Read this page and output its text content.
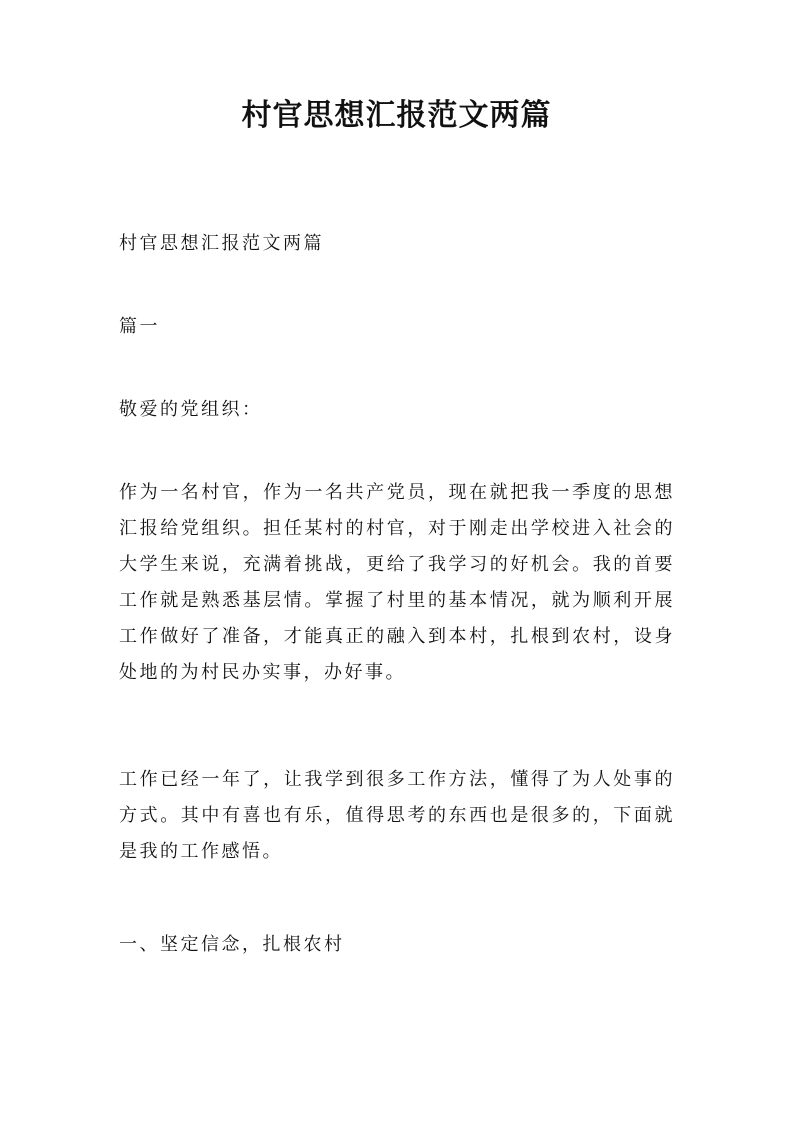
村官思想汇报范文两篇

村官思想汇报范文两篇

篇一

敬爱的党组织：

作为一名村官，作为一名共产党员，现在就把我一季度的思想汇报给党组织。担任某村的村官，对于刚走出学校进入社会的大学生来说，充满着挑战，更给了我学习的好机会。我的首要工作就是熟悉基层情。掌握了村里的基本情况，就为顺利开展工作做好了准备，才能真正的融入到本村，扎根到农村，设身处地的为村民办实事，办好事。

工作已经一年了，让我学到很多工作方法，懂得了为人处事的方式。其中有喜也有乐，值得思考的东西也是很多的，下面就是我的工作感悟。

一、坚定信念，扎根农村
